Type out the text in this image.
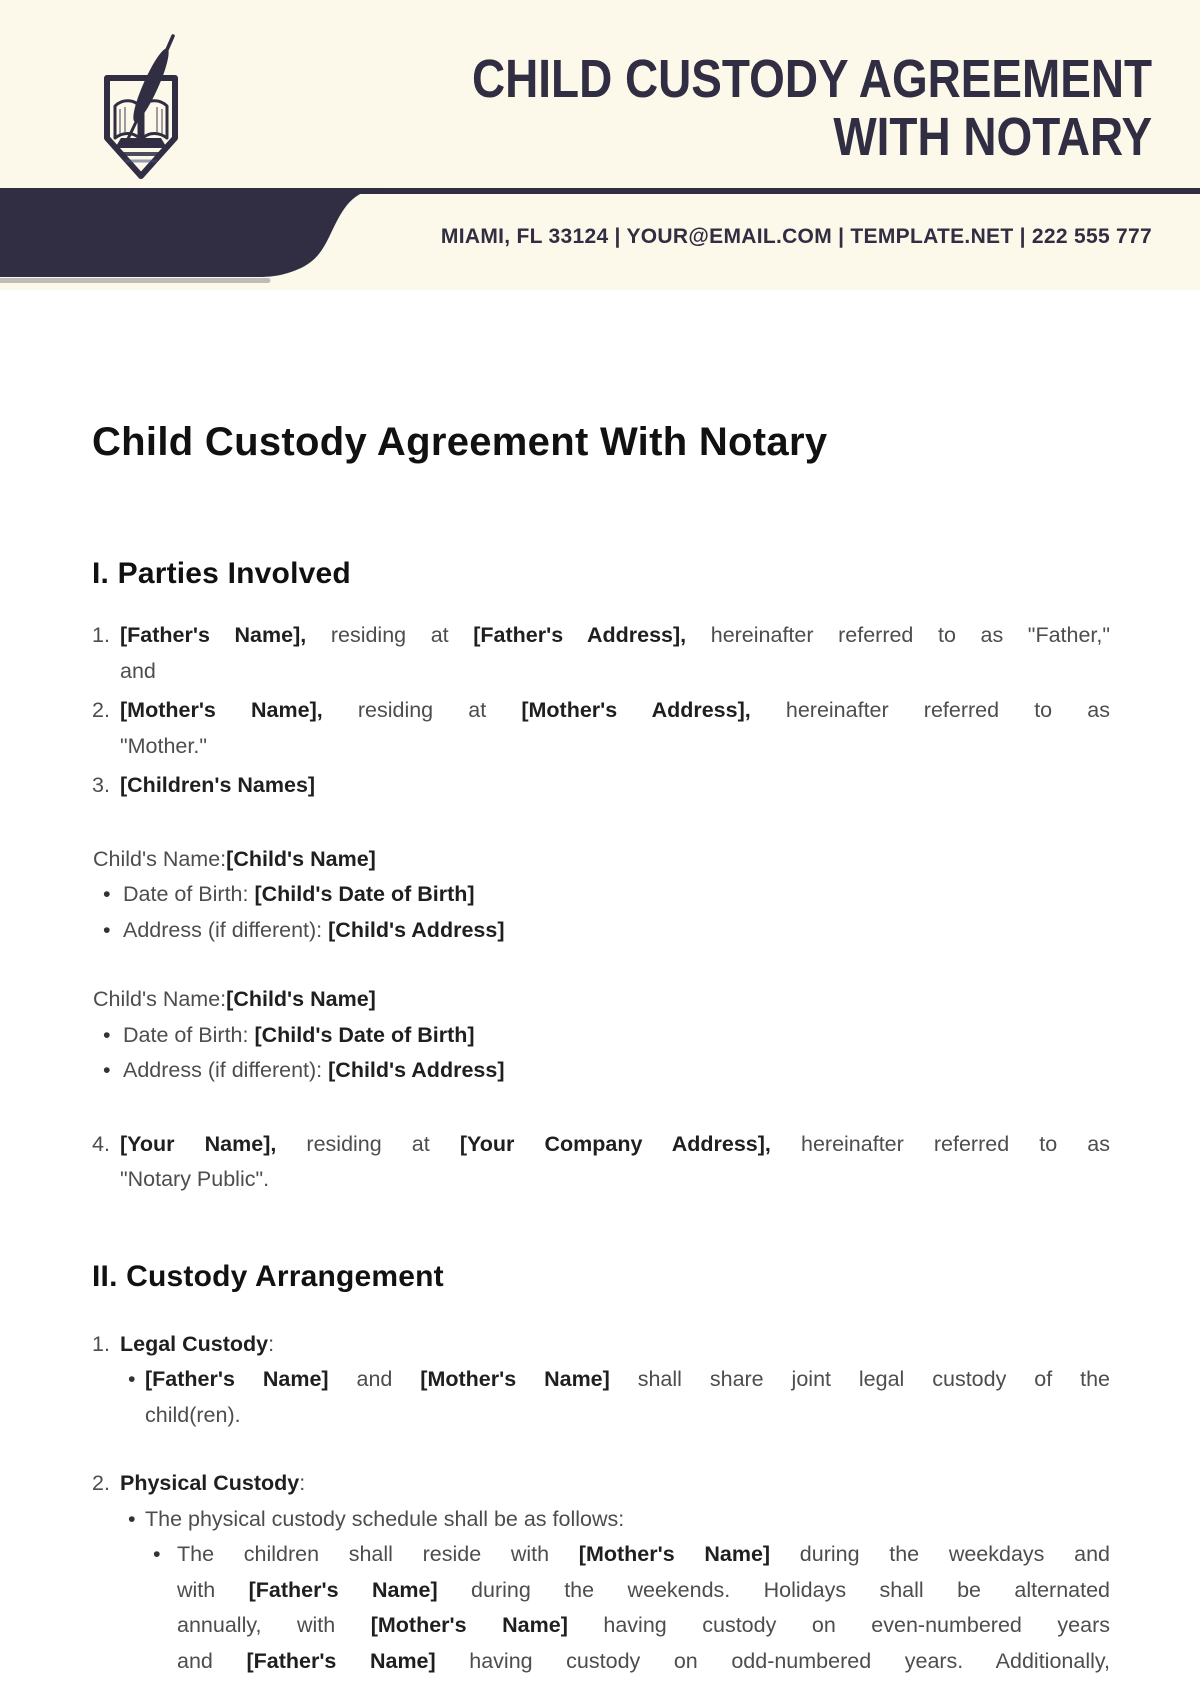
CHILD CUSTODY AGREEMENT
WITH NOTARY
MIAMI, FL 33124 | YOUR@EMAIL.COM | TEMPLATE.NET | 222 555 777
Child Custody Agreement With Notary
I. Parties Involved
1. [Father's Name], residing at [Father's Address], hereinafter referred to as "Father,"
and
2. [Mother's Name], residing at [Mother's Address], hereinafter referred to as
"Mother."
3. [Children's Names]
Child's Name:[Child's Name]
• Date of Birth: [Child's Date of Birth]
• Address (if different): [Child's Address]
Child's Name:[Child's Name]
• Date of Birth: [Child's Date of Birth]
• Address (if different): [Child's Address]
4. [Your Name], residing at [Your Company Address], hereinafter referred to as
"Notary Public".
II. Custody Arrangement
1. Legal Custody:
• [Father's Name] and [Mother's Name] shall share joint legal custody of the
child(ren).
2. Physical Custody:
• The physical custody schedule shall be as follows:
• The children shall reside with [Mother's Name] during the weekdays and
with [Father's Name] during the weekends. Holidays shall be alternated
annually, with [Mother's Name] having custody on even-numbered years
and [Father's Name] having custody on odd-numbered years. Additionally,
